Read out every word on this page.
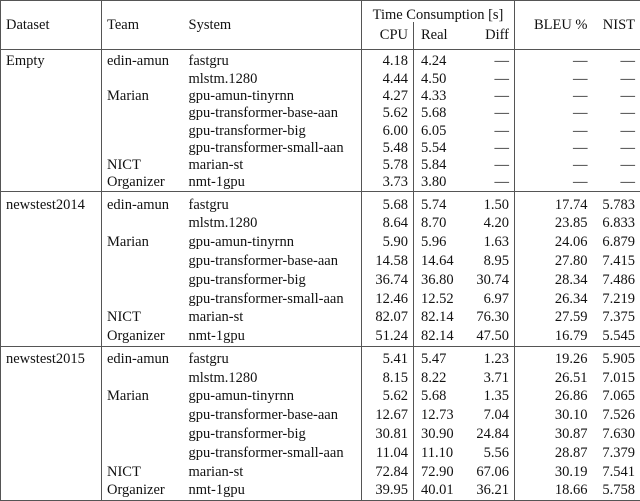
Dataset	Team	System	Time Consumption [s]			BLEU %	NIST
			CPU	Real	Diff		
Empty	edin-amun	fastgru	4.18	4.24	—	—	—
		mlstm.1280	4.44	4.50	—	—	—
	Marian	gpu-amun-tinyrnn	4.27	4.33	—	—	—
		gpu-transformer-base-aan	5.62	5.68	—	—	—
		gpu-transformer-big	6.00	6.05	—	—	—
		gpu-transformer-small-aan	5.48	5.54	—	—	—
	NICT	marian-st	5.78	5.84	—	—	—
	Organizer	nmt-1gpu	3.73	3.80	—	—	—
newstest2014	edin-amun	fastgru	5.68	5.74	1.50	17.74	5.783
		mlstm.1280	8.64	8.70	4.20	23.85	6.833
	Marian	gpu-amun-tinyrnn	5.90	5.96	1.63	24.06	6.879
		gpu-transformer-base-aan	14.58	14.64	8.95	27.80	7.415
		gpu-transformer-big	36.74	36.80	30.74	28.34	7.486
		gpu-transformer-small-aan	12.46	12.52	6.97	26.34	7.219
	NICT	marian-st	82.07	82.14	76.30	27.59	7.375
	Organizer	nmt-1gpu	51.24	82.14	47.50	16.79	5.545
newstest2015	edin-amun	fastgru	5.41	5.47	1.23	19.26	5.905
		mlstm.1280	8.15	8.22	3.71	26.51	7.015
	Marian	gpu-amun-tinyrnn	5.62	5.68	1.35	26.86	7.065
		gpu-transformer-base-aan	12.67	12.73	7.04	30.10	7.526
		gpu-transformer-big	30.81	30.90	24.84	30.87	7.630
		gpu-transformer-small-aan	11.04	11.10	5.56	28.87	7.379
	NICT	marian-st	72.84	72.90	67.06	30.19	7.541
	Organizer	nmt-1gpu	39.95	40.01	36.21	18.66	5.758
